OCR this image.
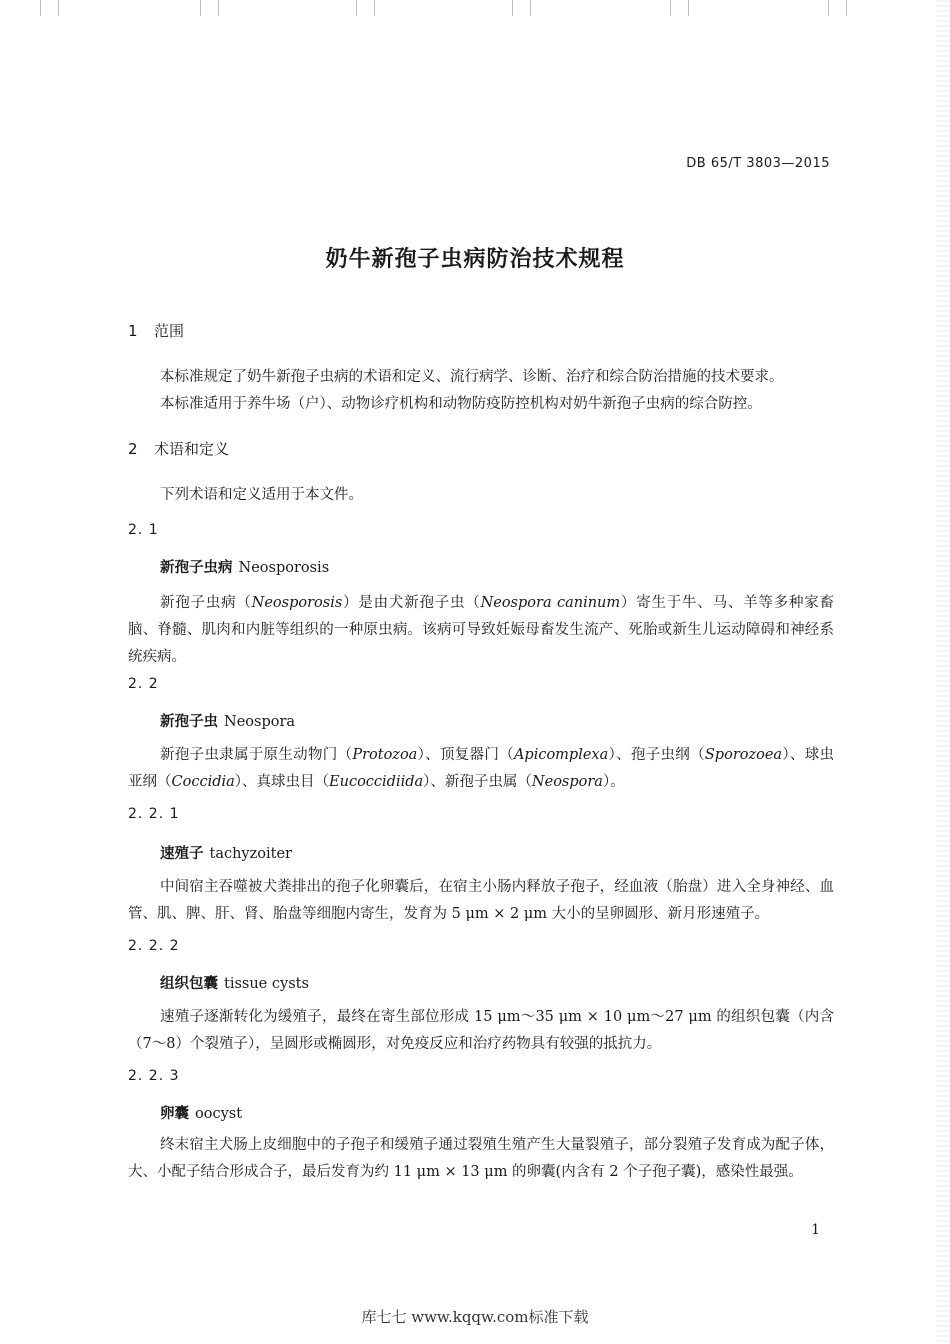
DB 65/T 3803—2015
奶牛新孢子虫病防治技术规程
1 范围
本标准规定了奶牛新孢子虫病的术语和定义、流行病学、诊断、治疗和综合防治措施的技术要求。
本标准适用于养牛场（户）、动物诊疗机构和动物防疫防控机构对奶牛新孢子虫病的综合防控。
2 术语和定义
下列术语和定义适用于本文件。
2. 1
新孢子虫病 Neosporosis
新孢子虫病（Neosporosis）是由犬新孢子虫（Neospora caninum）寄生于牛、马、羊等多种家畜脑、脊髓、肌肉和内脏等组织的一种原虫病。该病可导致妊娠母畜发生流产、死胎或新生儿运动障碍和神经系统疾病。
2. 2
新孢子虫 Neospora
新孢子虫隶属于原生动物门（Protozoa）、顶复器门（Apicomplexa）、孢子虫纲（Sporozoea）、球虫亚纲（Coccidia）、真球虫目（Eucoccidiida）、新孢子虫属（Neospora）。
2. 2. 1
速殖子 tachyzoiter
中间宿主吞噬被犬粪排出的孢子化卵囊后，在宿主小肠内释放子孢子，经血液（胎盘）进入全身神经、血管、肌、脾、肝、肾、胎盘等细胞内寄生，发育为 5 μm × 2 μm 大小的呈卵圆形、新月形速殖子。
2. 2. 2
组织包囊 tissue cysts
速殖子逐渐转化为缓殖子，最终在寄生部位形成 15 μm～35 μm × 10 μm～27 μm 的组织包囊（内含（7～8）个裂殖子），呈圆形或椭圆形，对免疫反应和治疗药物具有较强的抵抗力。
2. 2. 3
卵囊 oocyst
终末宿主犬肠上皮细胞中的子孢子和缓殖子通过裂殖生殖产生大量裂殖子，部分裂殖子发育成为配子体，大、小配子结合形成合子，最后发育为约 11 μm × 13 μm 的卵囊(内含有 2 个子孢子囊)，感染性最强。
1
库七七 www.kqqw.com标准下载
